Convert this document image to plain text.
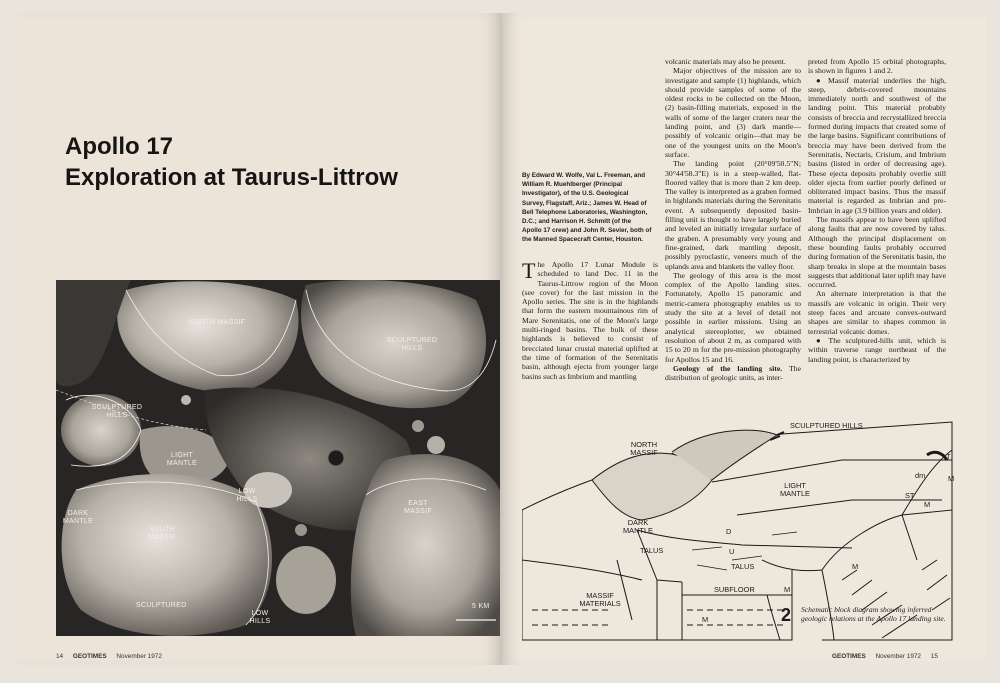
Apollo 17
Exploration at Taurus-Littrow
NORTH MASSIF
SCULPTURED HILLS
SCULPTURED HILLS
LIGHT MANTLE
LOW HILLS
SOUTH MASSIF
EAST MASSIF
DARK MANTLE
SCULPTURED
LOW HILLS
5 KM
14 GEOTIMES November 1972

By Edward W. Wolfe, Val L. Freeman, and William R. Muehlberger (Principal Investigator), of the U.S. Geological Survey, Flagstaff, Ariz.; James W. Head of Bell Telephone Laboratories, Washington, D.C.; and Harrison H. Schmitt (of the Apollo 17 crew) and John R. Sevier, both of the Manned Spacecraft Center, Houston.

The Apollo 17 Lunar Module is scheduled to land Dec. 11 in the Taurus-Littrow region of the Moon (see cover) for the last mission in the Apollo series. The site is in the highlands that form the eastern mountainous rim of Mare Serenitatis, one of the Moon's large multi-ringed basins. The bulk of these highlands is believed to consist of brecciated lunar crustal material uplifted at the time of formation of the Serenitatis basin, although ejecta from younger large basins such as Imbrium and mantling

volcanic materials may also be present.

Major objectives of the mission are to investigate and sample (1) highlands, which should provide samples of some of the oldest rocks to be collected on the Moon, (2) basin-filling materials, exposed in the walls of some of the larger craters near the landing point, and (3) dark mantle—possibly of volcanic origin—that may be one of the youngest units on the Moon's surface.

The landing point (20°09'50.5"N; 30°44'58.3"E) is in a steep-walled, flat-floored valley that is more than 2 km deep. The valley is interpreted as a graben formed in highlands materials during the Serenitatis event. A subsequently deposited basin-filling unit is thought to have largely buried and leveled an initially irregular surface of the graben. A presumably very young and fine-grained, dark mantling deposit, possibly pyroclastic, veneers much of the uplands area and blankets the valley floor.

The geology of this area is the most complex of the Apollo landing sites. Fortunately, Apollo 15 panoramic and metric-camera photography enables us to study the site at a level of detail not possible in earlier missions. Using an analytical stereoplotter, we obtained resolution of about 2 m, as compared with 15 to 20 m for the pre-mission photography for Apollos 15 and 16.

Geology of the landing site. The distribution of geologic units, as inter-

preted from Apollo 15 orbital photographs, is shown in figures 1 and 2.

● Massif material underlies the high, steep, debris-covered mountains immediately north and southwest of the landing point. This material probably consists of breccia and recrystallized breccia formed during impacts that created some of the large basins. Significant contributions of breccia may have been derived from the Serenitatis, Nectaris, Crisium, and Imbrium basins (listed in order of decreasing age). These ejecta deposits probably overlie still older ejecta from earlier poorly defined or obliterated impact basins. Thus the massif material is regarded as Imbrian and pre-Imbrian in age (3.9 billion years and older).

The massifs appear to have been uplifted along faults that are now covered by talus. Although the principal displacement on these bounding faults probably occurred during formation of the Serenitatis basin, the sharp breaks in slope at the mountain bases suggests that additional later uplift may have occurred.

An alternate interpretation is that the massifs are volcanic in origin. Their very steep faces and arcuate convex-outward shapes are similar to shapes common in terrestrial volcanic domes.

● The sculptured-hills unit, which is within traverse range northeast of the landing point, is characterized by

GEOTIMES November 1972 15
SCULPTURED HILLS
NORTH MASSIF
LIGHT MANTLE
DARK MANTLE
TALUS
TALUS
SUBFLOOR
MASSIF MATERIALS
D
U
dm
M
M
M
M
M
ST
T
2 Schematic block diagram showing inferred geologic relations at the Apollo 17 landing site.
